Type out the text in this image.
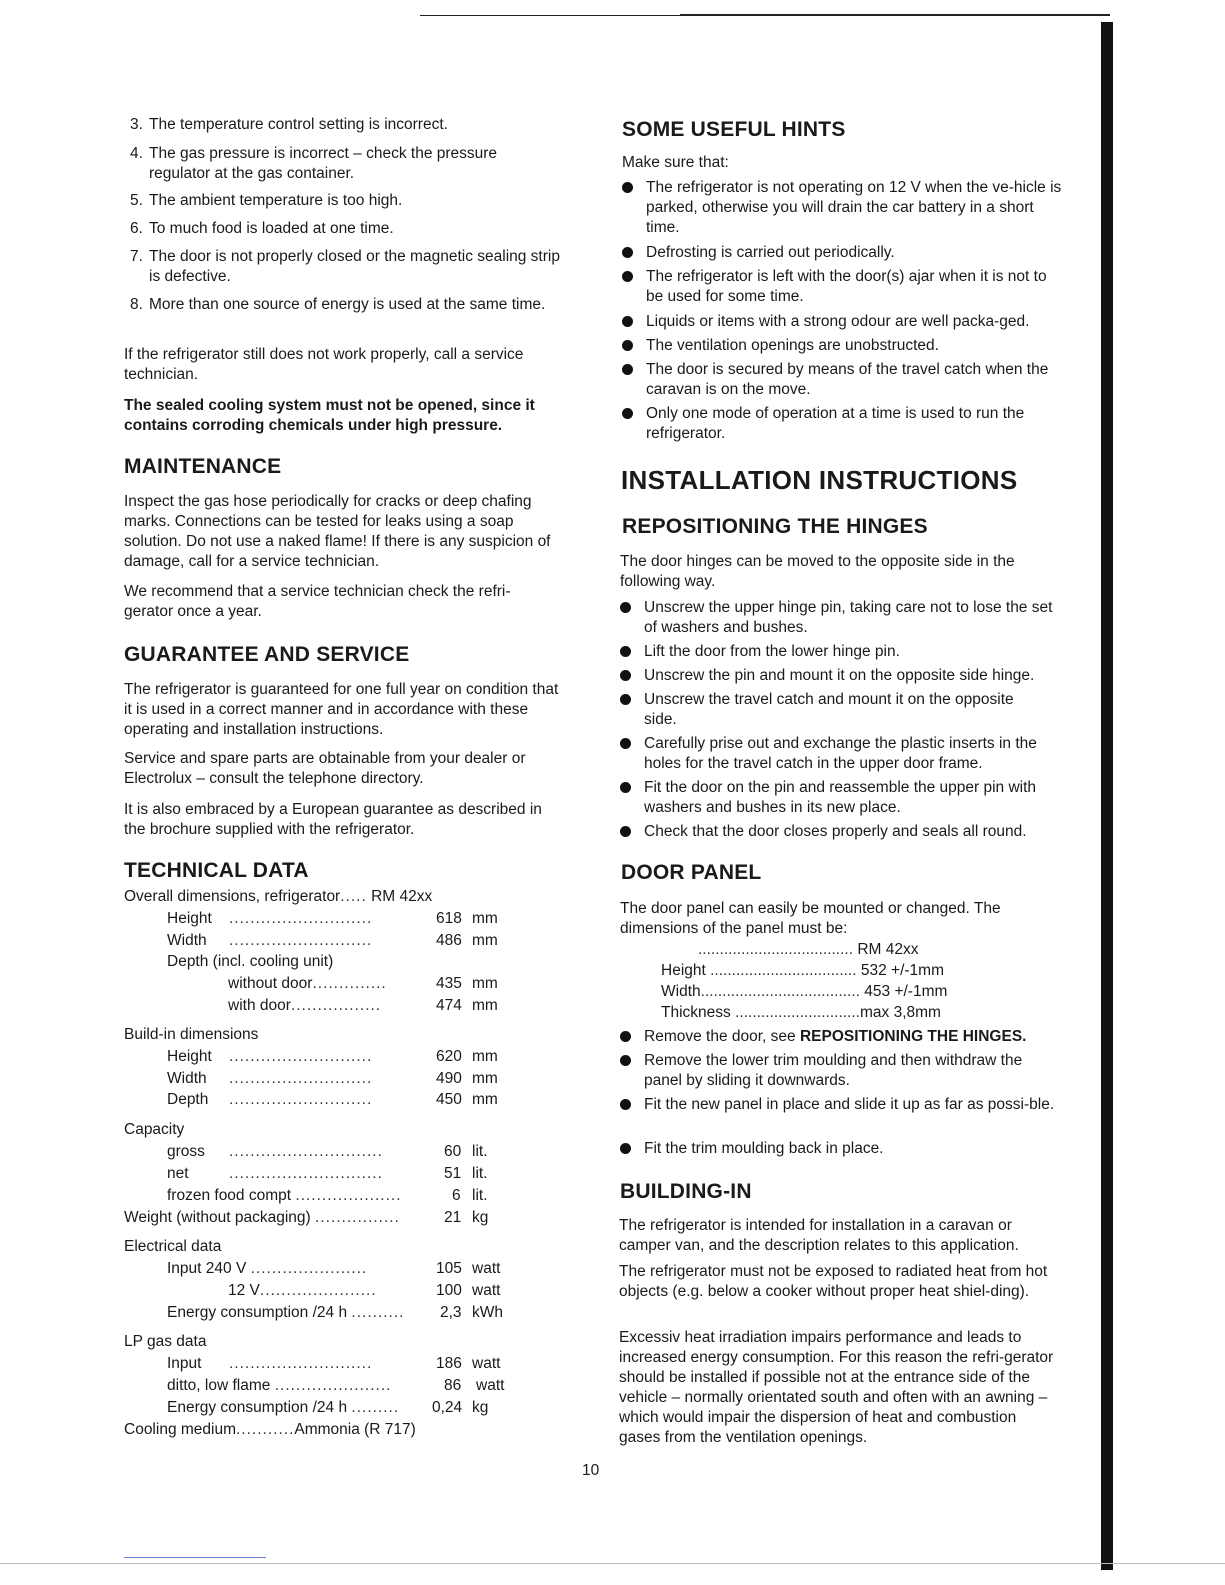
3. The temperature control setting is incorrect.
4. The gas pressure is incorrect – check the pressure regulator at the gas container.
5. The ambient temperature is too high.
6. To much food is loaded at one time.
7. The door is not properly closed or the magnetic sealing strip is defective.
8. More than one source of energy is used at the same time.
If the refrigerator still does not work properly, call a service technician.
The sealed cooling system must not be opened, since it contains corroding chemicals under high pressure.
MAINTENANCE
Inspect the gas hose periodically for cracks or deep chafing marks. Connections can be tested for leaks using a soap solution. Do not use a naked flame! If there is any suspicion of damage, call for a service technician.
We recommend that a service technician check the refri-gerator once a year.
GUARANTEE AND SERVICE
The refrigerator is guaranteed for one full year on condition that it is used in a correct manner and in accordance with these operating and installation instructions.
Service and spare parts are obtainable from your dealer or Electrolux – consult the telephone directory.
It is also embraced by a European guarantee as described in the brochure supplied with the refrigerator.
TECHNICAL DATA
Overall dimensions, refrigerator..... RM 42xx
Height ...........................	618 mm
Width ...........................	486 mm
Depth (incl. cooling unit)
without door..............	435 mm
with door.................	474 mm
Build-in dimensions
Height ...........................	620 mm
Width ...........................	490 mm
Depth ...........................	450 mm
Capacity
gross .............................	60 lit.
net	.............................	51 lit.
frozen food compt ....................	6 lit.
Weight (without packaging) ................	21 kg
Electrical data
Input 240 V ......................	105 watt
12 V......................	100 watt
Energy consumption /24 h .......... 2,3 kWh
LP gas data
Input ...........................	186 watt
ditto, low flame ......................	86 watt
Energy consumption /24 h ......... 0,24 kg
Cooling medium...........Ammonia (R 717)
SOME USEFUL HINTS
Make sure that:
The refrigerator is not operating on 12 V when the ve-hicle is parked, otherwise you will drain the car battery in a short time.
Defrosting is carried out periodically.
The refrigerator is left with the door(s) ajar when it is not to be used for some time.
Liquids or items with a strong odour are well packa-ged.
The ventilation openings are unobstructed.
The door is secured by means of the travel catch when the caravan is on the move.
Only one mode of operation at a time is used to run the refrigerator.
INSTALLATION INSTRUCTIONS
REPOSITIONING THE HINGES
The door hinges can be moved to the opposite side in the following way.
Unscrew the upper hinge pin, taking care not to lose the set of washers and bushes.
Lift the door from the lower hinge pin.
Unscrew the pin and mount it on the opposite side hinge.
Unscrew the travel catch and mount it on the opposite side.
Carefully prise out and exchange the plastic inserts in the holes for the travel catch in the upper door frame.
Fit the door on the pin and reassemble the upper pin with washers and bushes in its new place.
Check that the door closes properly and seals all round.
DOOR PANEL
The door panel can easily be mounted or changed. The dimensions of the panel must be:
.................................... RM 42xx
Height .................................. 532 +/-1mm
Width..................................... 453 +/-1mm
Thickness .............................max 3,8mm
Remove the door, see REPOSITIONING THE HINGES.
Remove the lower trim moulding and then withdraw the panel by sliding it downwards.
Fit the new panel in place and slide it up as far as possi-ble.
Fit the trim moulding back in place.
BUILDING-IN
The refrigerator is intended for installation in a caravan or camper van, and the description relates to this application.
The refrigerator must not be exposed to radiated heat from hot objects (e.g. below a cooker without proper heat shiel-ding).
Excessiv heat irradiation impairs performance and leads to increased energy consumption. For this reason the refri-gerator should be installed if possible not at the entrance side of the vehicle – normally orientated south and often with an awning – which would impair the dispersion of heat and combustion gases from the ventilation openings.
10
